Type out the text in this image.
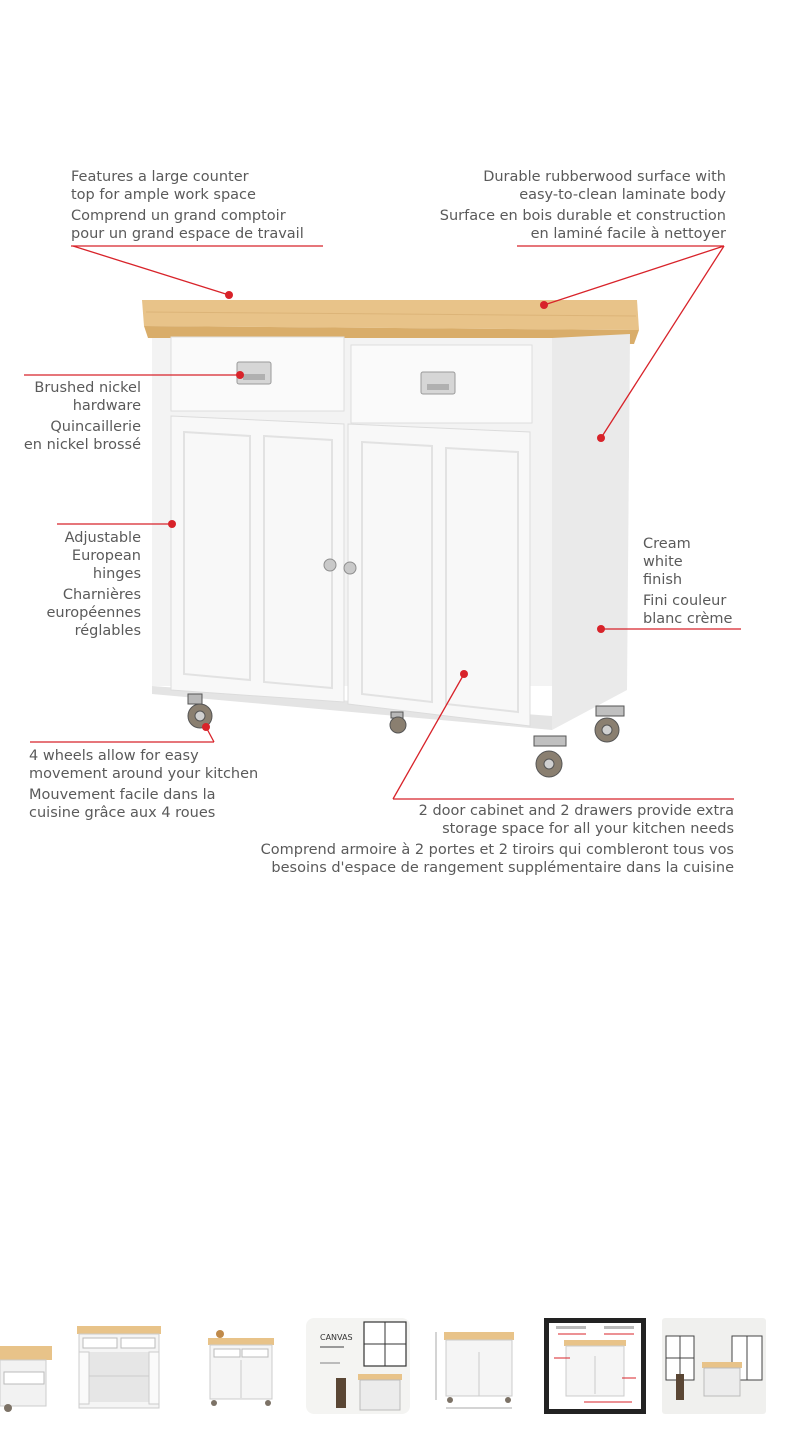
Features a large counter

top for ample work space

Comprend un grand comptoir

pour un grand espace de travail

Durable rubberwood surface with

easy-to-clean laminate body

Surface en bois durable et construction

en laminé facile à nettoyer

Brushed nickel

hardware

Quincaillerie

en nickel brossé

Adjustable

European

hinges

Charnières

européennes

réglables

Cream

white

finish

Fini couleur

blanc crème

4 wheels allow for easy

movement around your kitchen

Mouvement facile dans la

cuisine grâce aux 4 roues	2 door cabinet and 2 drawers provide extra

storage space for all your kitchen needs

Comprend armoire à 2 portes et 2 tiroirs qui combleront tous vos

besoins d'espace de rangement supplémentaire dans la cuisine

CANVAS
